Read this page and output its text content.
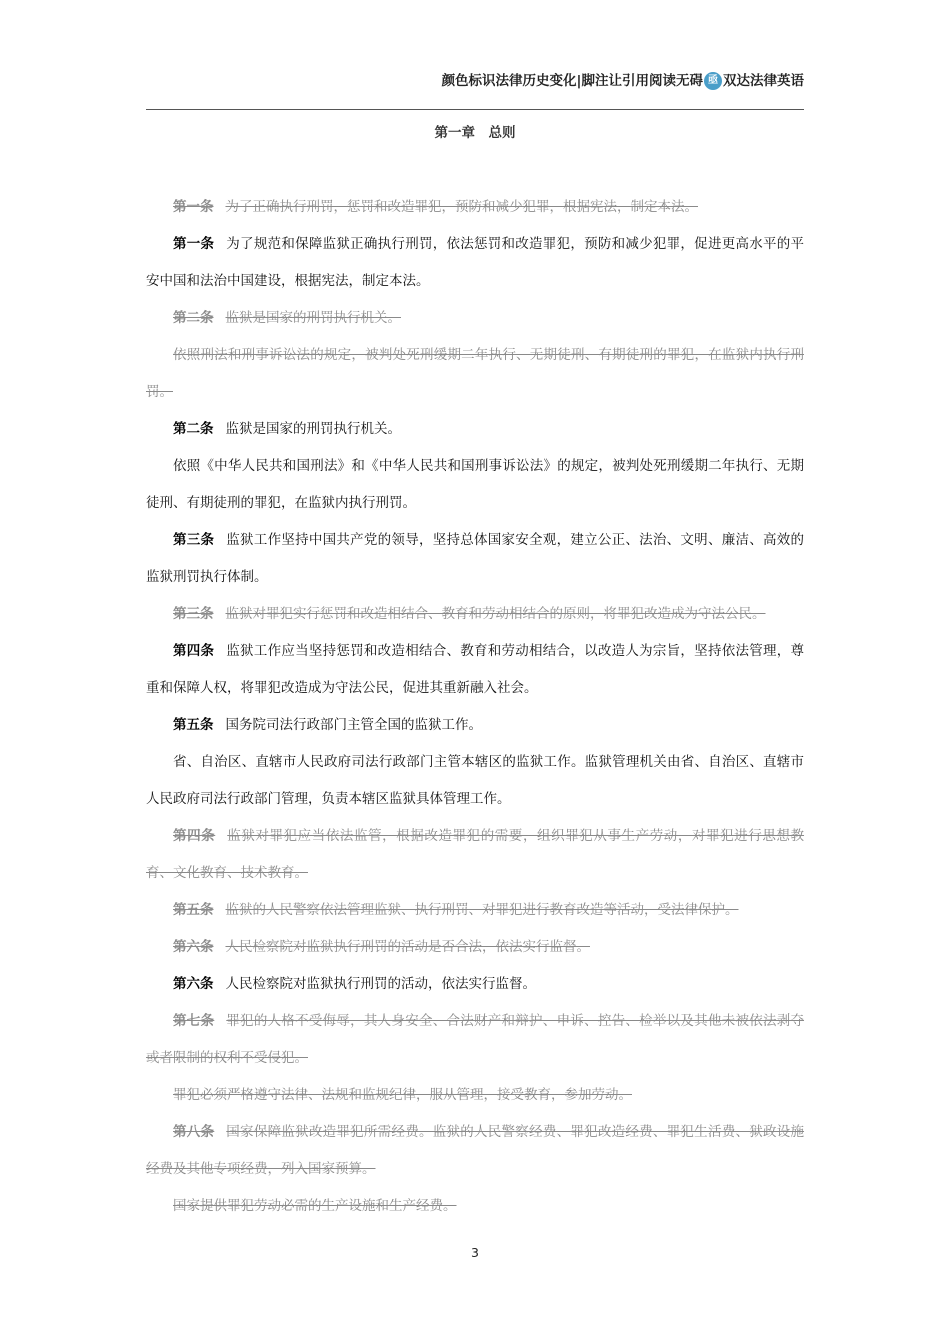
颜色标识法律历史变化|脚注让引用阅读无碍 亟 双达法律英语
第一章　总则

第一条 为了正确执行刑罚，惩罚和改造罪犯，预防和减少犯罪，根据宪法，制定本法。

第一条 为了规范和保障监狱正确执行刑罚，依法惩罚和改造罪犯，预防和减少犯罪，促进更高水平的平安中国和法治中国建设，根据宪法，制定本法。

第二条 监狱是国家的刑罚执行机关。

依照刑法和刑事诉讼法的规定，被判处死刑缓期二年执行、无期徒刑、有期徒刑的罪犯，在监狱内执行刑罚。

第二条 监狱是国家的刑罚执行机关。

依照《中华人民共和国刑法》和《中华人民共和国刑事诉讼法》的规定，被判处死刑缓期二年执行、无期徒刑、有期徒刑的罪犯，在监狱内执行刑罚。

第三条 监狱工作坚持中国共产党的领导，坚持总体国家安全观，建立公正、法治、文明、廉洁、高效的监狱刑罚执行体制。

第三条 监狱对罪犯实行惩罚和改造相结合、教育和劳动相结合的原则，将罪犯改造成为守法公民。

第四条 监狱工作应当坚持惩罚和改造相结合、教育和劳动相结合，以改造人为宗旨，坚持依法管理，尊重和保障人权，将罪犯改造成为守法公民，促进其重新融入社会。

第五条 国务院司法行政部门主管全国的监狱工作。

省、自治区、直辖市人民政府司法行政部门主管本辖区的监狱工作。监狱管理机关由省、自治区、直辖市人民政府司法行政部门管理，负责本辖区监狱具体管理工作。

第四条 监狱对罪犯应当依法监管，根据改造罪犯的需要，组织罪犯从事生产劳动，对罪犯进行思想教育、文化教育、技术教育。

第五条 监狱的人民警察依法管理监狱、执行刑罚、对罪犯进行教育改造等活动，受法律保护。

第六条 人民检察院对监狱执行刑罚的活动是否合法，依法实行监督。

第六条 人民检察院对监狱执行刑罚的活动，依法实行监督。

第七条 罪犯的人格不受侮辱，其人身安全、合法财产和辩护、申诉、控告、检举以及其他未被依法剥夺或者限制的权利不受侵犯。

罪犯必须严格遵守法律、法规和监规纪律，服从管理，接受教育，参加劳动。

第八条 国家保障监狱改造罪犯所需经费。监狱的人民警察经费、罪犯改造经费、罪犯生活费、狱政设施经费及其他专项经费，列入国家预算。

国家提供罪犯劳动必需的生产设施和生产经费。

3
